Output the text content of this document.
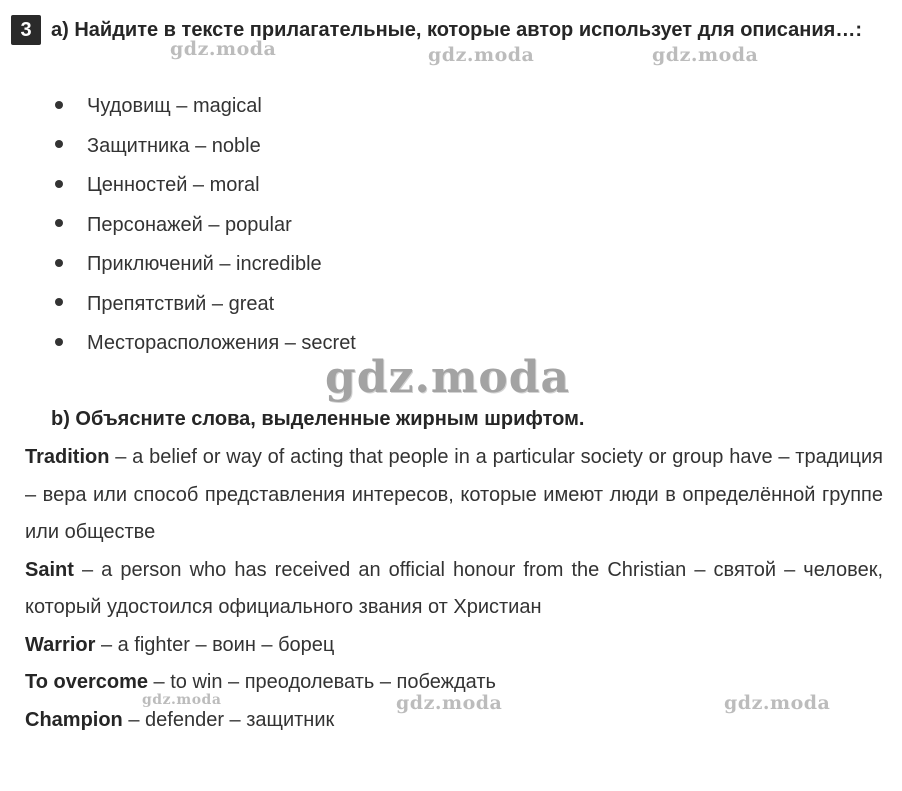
3 a) Найдите в тексте прилагательные, которые автор использует для описания…:
Чудовищ – magical
Защитника – noble
Ценностей – moral
Персонажей – popular
Приключений – incredible
Препятствий – great
Месторасположения – secret
b) Объясните слова, выделенные жирным шрифтом.
Tradition – a belief or way of acting that people in a particular society or group have – традиция – вера или способ представления интересов, которые имеют люди в определённой группе или обществе
Saint – a person who has received an official honour from the Christian – святой – человек, который удостоился официального звания от Христиан
Warrior – a fighter – воин – борец
To overcome – to win – преодолевать – побеждать
Champion – defender – защитник
gdz.moda	gdz.moda	gdz.moda
gdz.moda
gdz.moda	gdz.moda	gdz.moda
